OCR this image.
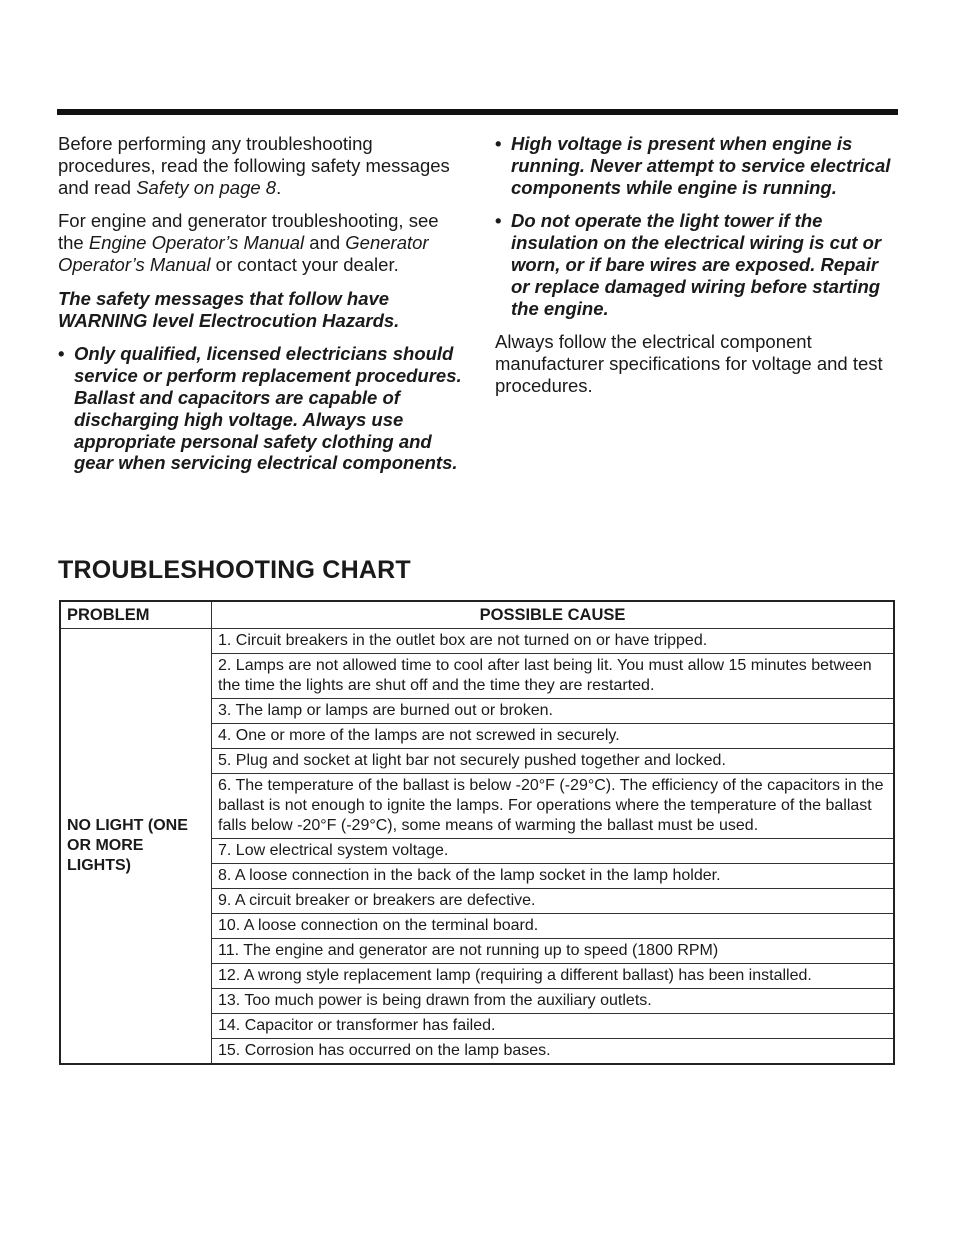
Before performing any troubleshooting procedures, read the following safety messages and read Safety on page 8.

For engine and generator troubleshooting, see the Engine Operator’s Manual and Generator Operator’s Manual or contact your dealer.

The safety messages that follow have WARNING level Electrocution Hazards.

• Only qualified, licensed electricians should service or perform replacement procedures. Ballast and capacitors are capable of discharging high voltage. Always use appropriate personal safety clothing and gear when servicing electrical components.
• High voltage is present when engine is running. Never attempt to service electrical components while engine is running.
• Do not operate the light tower if the insulation on the electrical wiring is cut or worn, or if bare wires are exposed. Repair or replace damaged wiring before starting the engine.

Always follow the electrical component manufacturer specifications for voltage and test procedures.

TROUBLESHOOTING CHART
PROBLEM	POSSIBLE CAUSE
NO LIGHT (ONE OR MORE LIGHTS)	1. Circuit breakers in the outlet box are not turned on or have tripped.
	2. Lamps are not allowed time to cool after last being lit. You must allow 15 minutes between the time the lights are shut off and the time they are restarted.
	3. The lamp or lamps are burned out or broken.
	4. One or more of the lamps are not screwed in securely.
	5. Plug and socket at light bar not securely pushed together and locked.
	6. The temperature of the ballast is below -20°F (-29°C). The efficiency of the capacitors in the ballast is not enough to ignite the lamps. For operations where the temperature of the ballast falls below -20°F (-29°C), some means of warming the ballast must be used.
	7. Low electrical system voltage.
	8. A loose connection in the back of the lamp socket in the lamp holder.
	9. A circuit breaker or breakers are defective.
	10. A loose connection on the terminal board.
	11. The engine and generator are not running up to speed (1800 RPM)
	12. A wrong style replacement lamp (requiring a different ballast) has been installed.
	13. Too much power is being drawn from the auxiliary outlets.
	14. Capacitor or transformer has failed.
	15. Corrosion has occurred on the lamp bases.
